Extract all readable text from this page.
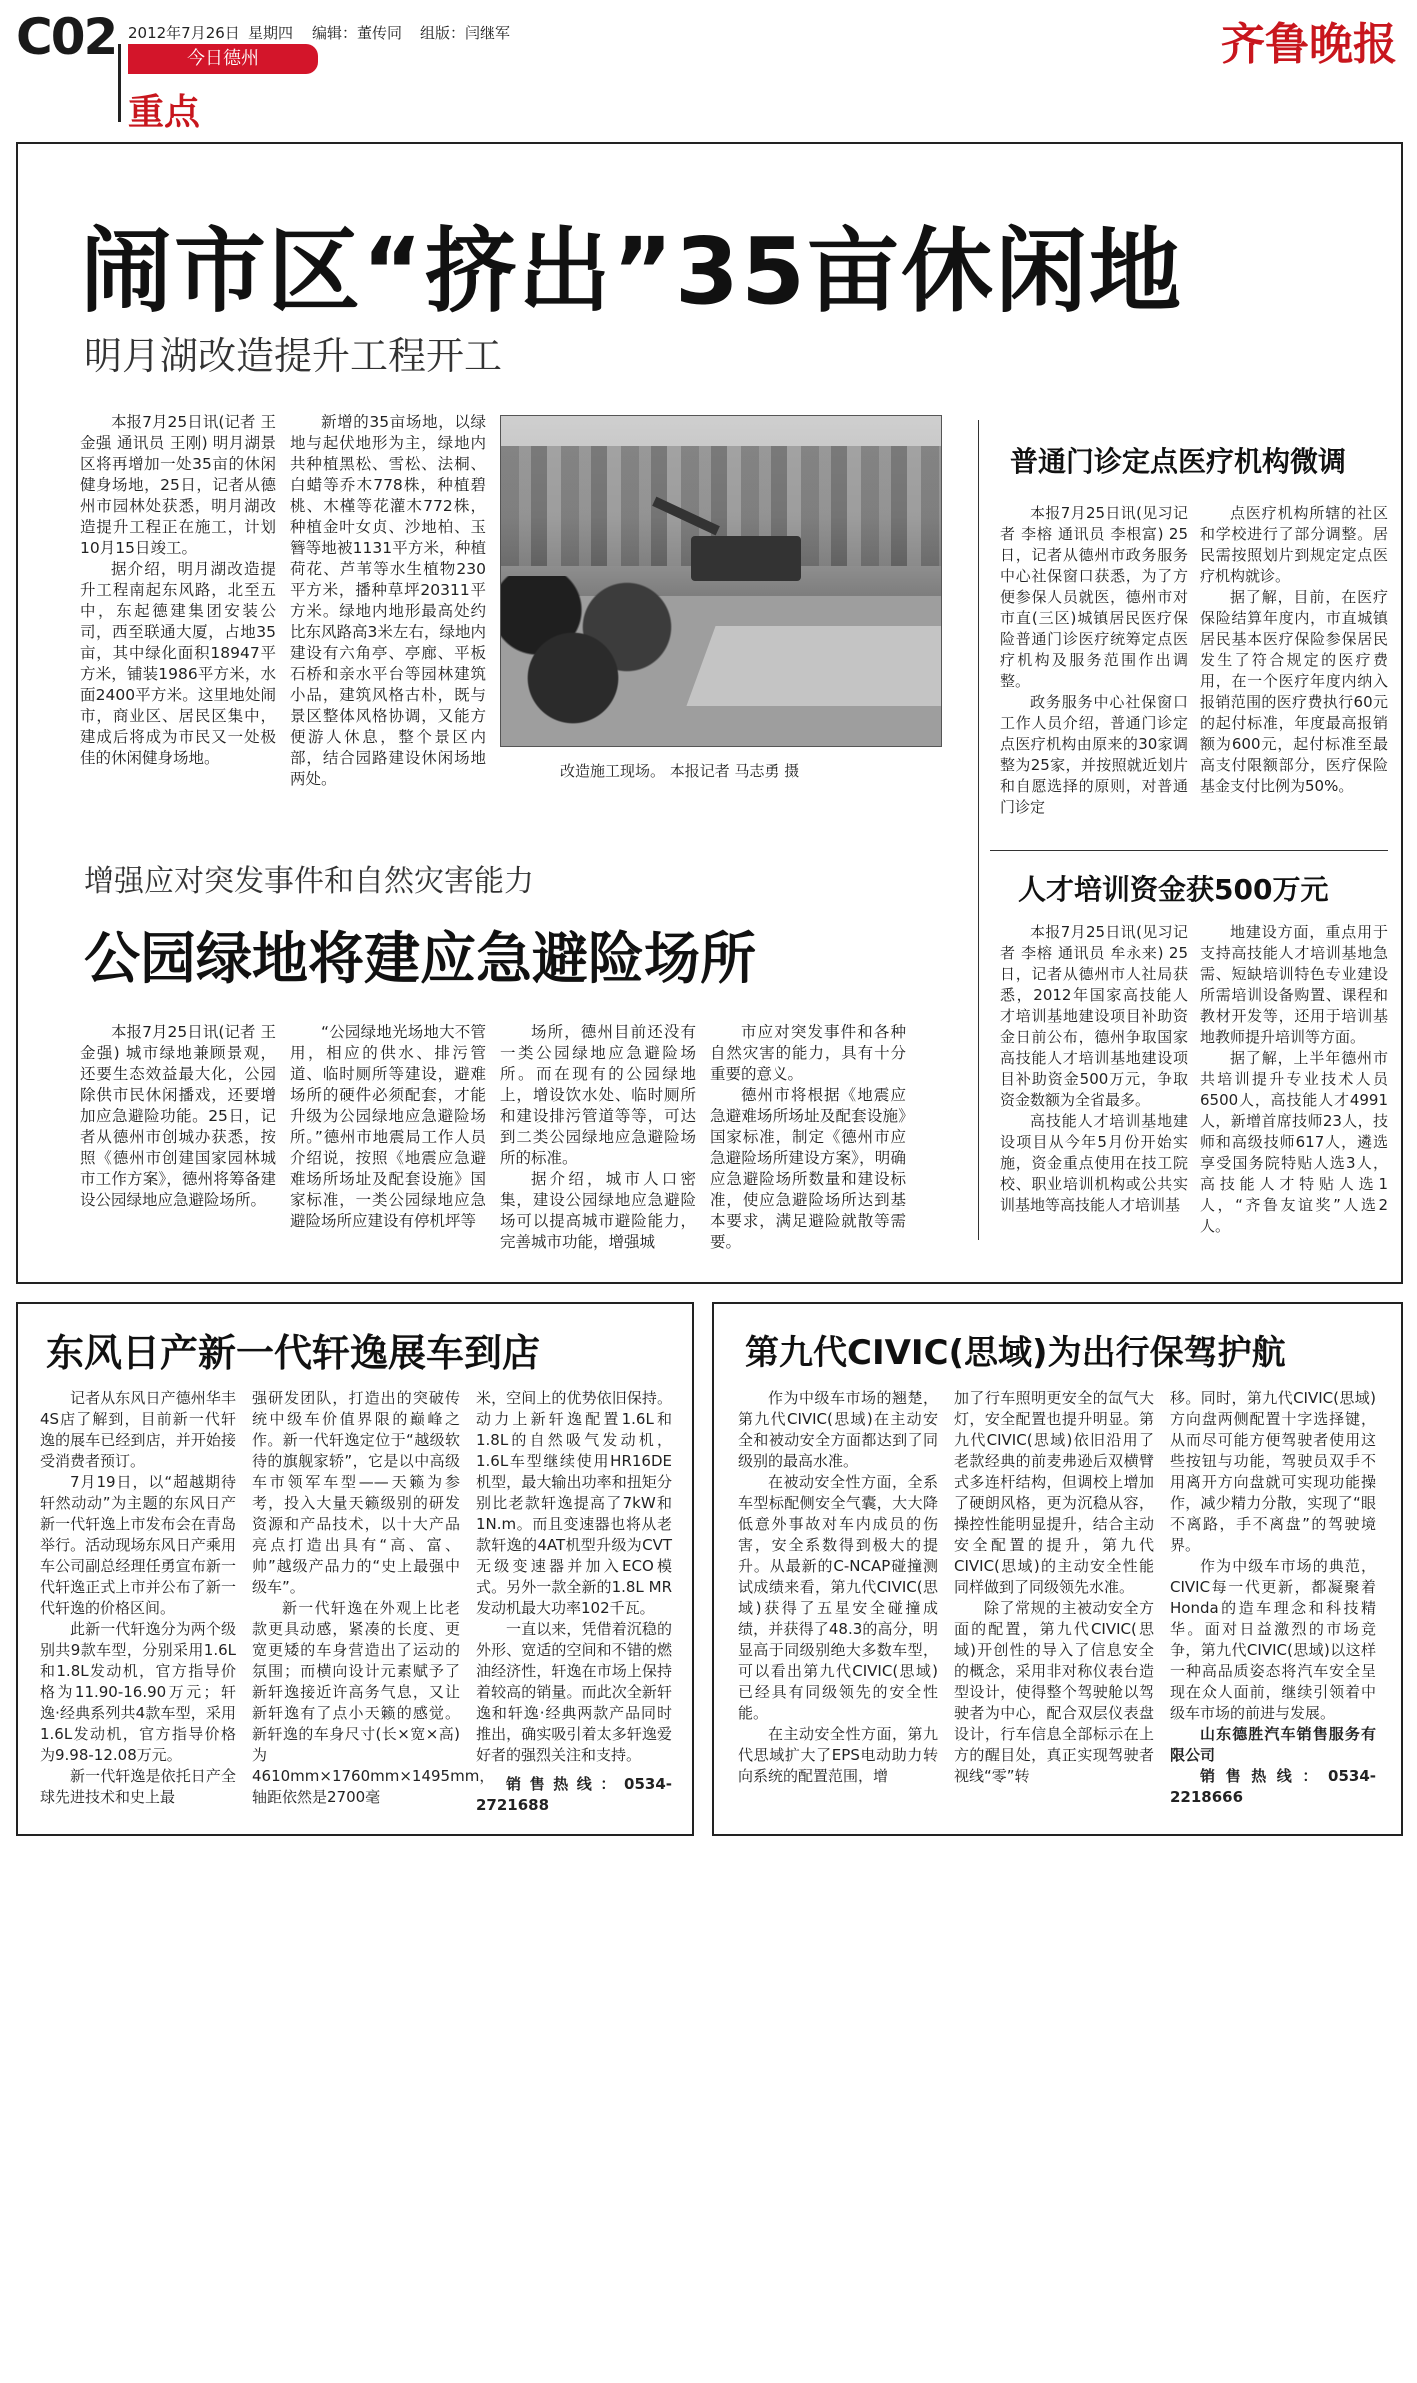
C02 2012年7月26日 星期四 编辑：董传同 组版：闫继军	齐鲁晚报
今日德州
重点
闹市区“挤出”35亩休闲地
明月湖改造提升工程开工

本报7月25日讯(记者 王金强 通讯员 王刚) 明月湖景区将再增加一处35亩的休闲健身场地，25日，记者从德州市园林处获悉，明月湖改造提升工程正在施工，计划10月15日竣工。

据介绍，明月湖改造提升工程南起东风路，北至五中，东起德建集团安装公司，西至联通大厦，占地35亩，其中绿化面积18947平方米，铺装1986平方米，水面2400平方米。这里地处闹市，商业区、居民区集中，建成后将成为市民又一处极佳的休闲健身场地。

新增的35亩场地，以绿地与起伏地形为主，绿地内共种植黑松、雪松、法桐、白蜡等乔木778株，种植碧桃、木槿等花灌木772株，种植金叶女贞、沙地柏、玉簪等地被1131平方米，种植荷花、芦苇等水生植物230平方米，播种草坪20311平方米。绿地内地形最高处约比东风路高3米左右，绿地内建设有六角亭、亭廊、平板石桥和亲水平台等园林建筑小品，建筑风格古朴，既与景区整体风格协调，又能方便游人休息，整个景区内部，结合园路建设休闲场地两处。	改造施工现场。 本报记者 马志勇 摄
普通门诊定点医疗机构微调

本报7月25日讯(见习记者 李榕 通讯员 李根富) 25日，记者从德州市政务服务中心社保窗口获悉，为了方便参保人员就医，德州市对市直(三区)城镇居民医疗保险普通门诊医疗统筹定点医疗机构及服务范围作出调整。

政务服务中心社保窗口工作人员介绍，普通门诊定点医疗机构由原来的30家调整为25家，并按照就近划片和自愿选择的原则，对普通门诊定

点医疗机构所辖的社区和学校进行了部分调整。居民需按照划片到规定定点医疗机构就诊。

据了解，目前，在医疗保险结算年度内，市直城镇居民基本医疗保险参保居民发生了符合规定的医疗费用，在一个医疗年度内纳入报销范围的医疗费执行60元的起付标准，年度最高报销额为600元，起付标准至最高支付限额部分，医疗保险基金支付比例为50%。

人才培训资金获500万元

本报7月25日讯(见习记者 李榕 通讯员 牟永来) 25日，记者从德州市人社局获悉，2012年国家高技能人才培训基地建设项目补助资金日前公布，德州争取国家高技能人才培训基地建设项目补助资金500万元，争取资金数额为全省最多。

高技能人才培训基地建设项目从今年5月份开始实施，资金重点使用在技工院校、职业培训机构或公共实训基地等高技能人才培训基

地建设方面，重点用于支持高技能人才培训基地急需、短缺培训特色专业建设所需培训设备购置、课程和教材开发等，还用于培训基地教师提升培训等方面。

据了解，上半年德州市共培训提升专业技术人员6500人，高技能人才4991人，新增首席技师23人，技师和高级技师617人，遴选享受国务院特贴人选3人，高技能人才特贴人选1人，“齐鲁友谊奖”人选2人。

增强应对突发事件和自然灾害能力
公园绿地将建应急避险场所

本报7月25日讯(记者 王金强) 城市绿地兼顾景观，还要生态效益最大化，公园除供市民休闲播戏，还要增加应急避险功能。25日，记者从德州市创城办获悉，按照《德州市创建国家园林城市工作方案》，德州将筹备建设公园绿地应急避险场所。

“公园绿地光场地大不管用，相应的供水、排污管道、临时厕所等建设，避难场所的硬件必须配套，才能升级为公园绿地应急避险场所。”德州市地震局工作人员介绍说，按照《地震应急避难场所场址及配套设施》国家标准，一类公园绿地应急避险场所应建设有停机坪等

场所，德州目前还没有一类公园绿地应急避险场所。而在现有的公园绿地上，增设饮水处、临时厕所和建设排污管道等等，可达到二类公园绿地应急避险场所的标准。

据介绍，城市人口密集，建设公园绿地应急避险场可以提高城市避险能力，完善城市功能，增强城

市应对突发事件和各种自然灾害的能力，具有十分重要的意义。

德州市将根据《地震应急避难场所场址及配套设施》国家标准，制定《德州市应急避险场所建设方案》，明确应急避险场所数量和建设标准，使应急避险场所达到基本要求，满足避险就散等需要。

东风日产新一代轩逸展车到店

记者从东风日产德州华丰4S店了解到，目前新一代轩逸的展车已经到店，并开始接受消费者预订。

7月19日，以“超越期待 轩然动动”为主题的东风日产新一代轩逸上市发布会在青岛举行。活动现场东风日产乘用车公司副总经理任勇宣布新一代轩逸正式上市并公布了新一代轩逸的价格区间。

此新一代轩逸分为两个级别共9款车型，分别采用1.6L和1.8L发动机，官方指导价格为11.90-16.90万元；轩逸·经典系列共4款车型，采用1.6L发动机，官方指导价格为9.98-12.08万元。

新一代轩逸是依托日产全球先进技术和史上最

强研发团队，打造出的突破传统中级车价值界限的巅峰之作。新一代轩逸定位于“越级软待的旗舰家轿”，它是以中高级车市领军车型——天籁为参考，投入大量天籁级别的研发资源和产品技术，以十大产品亮点打造出具有“高、富、帅”越级产品力的“史上最强中级车”。

新一代轩逸在外观上比老款更具动感，紧凑的长度、更宽更矮的车身营造出了运动的氛围；而横向设计元素赋予了新轩逸接近许高务气息，又让新轩逸有了点小天籁的感觉。新轩逸的车身尺寸(长×宽×高)为4610mm×1760mm×1495mm，轴距依然是2700毫

米，空间上的优势依旧保持。动力上新轩逸配置1.6L和1.8L的自然吸气发动机，1.6L车型继续使用HR16DE机型，最大输出功率和扭矩分别比老款轩逸提高了7kW和1N.m。而且变速器也将从老款轩逸的4AT机型升级为CVT无级变速器并加入ECO模式。另外一款全新的1.8L MR发动机最大功率102千瓦。

一直以来，凭借着沉稳的外形、宽适的空间和不错的燃油经济性，轩逸在市场上保持着较高的销量。而此次全新轩逸和轩逸·经典两款产品同时推出，确实吸引着太多轩逸爱好者的强烈关注和支持。

销售热线：0534-2721688

第九代CIVIC(思域)为出行保驾护航

作为中级车市场的翘楚，第九代CIVIC(思域)在主动安全和被动安全方面都达到了同级别的最高水准。

在被动安全性方面，全系车型标配侧安全气囊，大大降低意外事故对车内成员的伤害，安全系数得到极大的提升。从最新的C-NCAP碰撞测试成绩来看，第九代CIVIC(思域)获得了五星安全碰撞成绩，并获得了48.3的高分，明显高于同级别绝大多数车型，可以看出第九代CIVIC(思域)已经具有同级领先的安全性能。

在主动安全性方面，第九代思域扩大了EPS电动助力转向系统的配置范围，增

加了行车照明更安全的氙气大灯，安全配置也提升明显。第九代CIVIC(思域)依旧沿用了老款经典的前麦弗逊后双横臂式多连杆结构，但调校上增加了硬朗风格，更为沉稳从容，操控性能明显提升，结合主动安全配置的提升，第九代CIVIC(思域)的主动安全性能同样做到了同级领先水准。

除了常规的主被动安全方面的配置，第九代CIVIC(思域)开创性的导入了信息安全的概念，采用非对称仪表台造型设计，使得整个驾驶舱以驾驶者为中心，配合双层仪表盘设计，行车信息全部标示在上方的醒目处，真正实现驾驶者视线“零”转

移。同时，第九代CIVIC(思域)方向盘两侧配置十字选择键，从而尽可能方便驾驶者使用这些按钮与功能，驾驶员双手不用离开方向盘就可实现功能操作，减少精力分散，实现了“眼不离路，手不离盘”的驾驶境界。

作为中级车市场的典范，CIVIC每一代更新，都凝聚着Honda的造车理念和科技精华。面对日益激烈的市场竞争，第九代CIVIC(思域)以这样一种高品质姿态将汽车安全呈现在众人面前，继续引领着中级车市场的前进与发展。

山东德胜汽车销售服务有限公司

销售热线：0534-2218666
